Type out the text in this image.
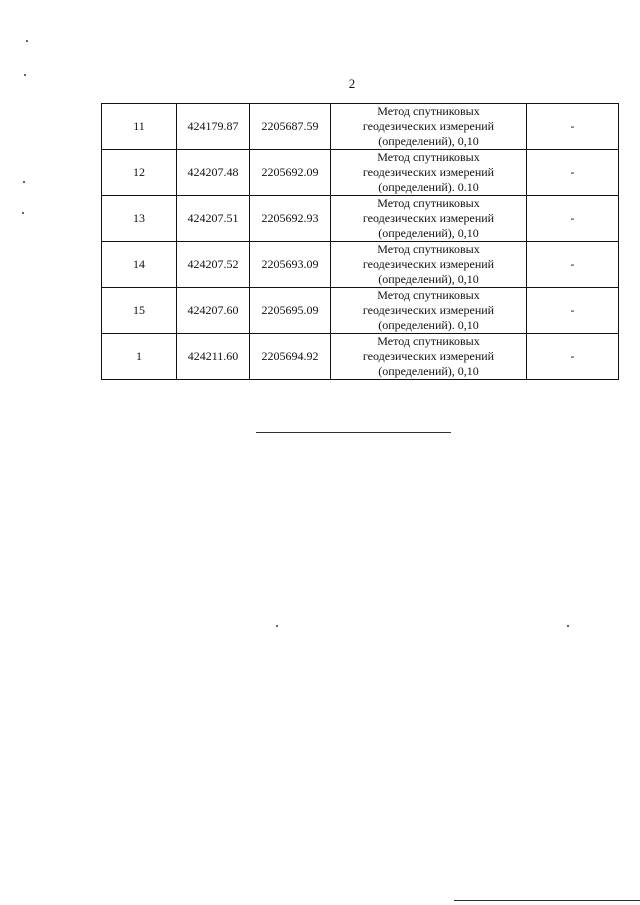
2
11	424179.87	2205687.59	Метод спутниковых
геодезических измерений
(определений), 0,10	-
12	424207.48	2205692.09	Метод спутниковых
геодезических измерений
(определений). 0.10	-
13	424207.51	2205692.93	Метод спутниковых
геодезических измерений
(определений), 0,10	-
14	424207.52	2205693.09	Метод спутниковых
геодезических измерений
(определений), 0,10	-
15	424207.60	2205695.09	Метод спутниковых
геодезических измерений
(определений). 0,10	-
1	424211.60	2205694.92	Метод спутниковых
геодезических измерений
(определений), 0,10	-
